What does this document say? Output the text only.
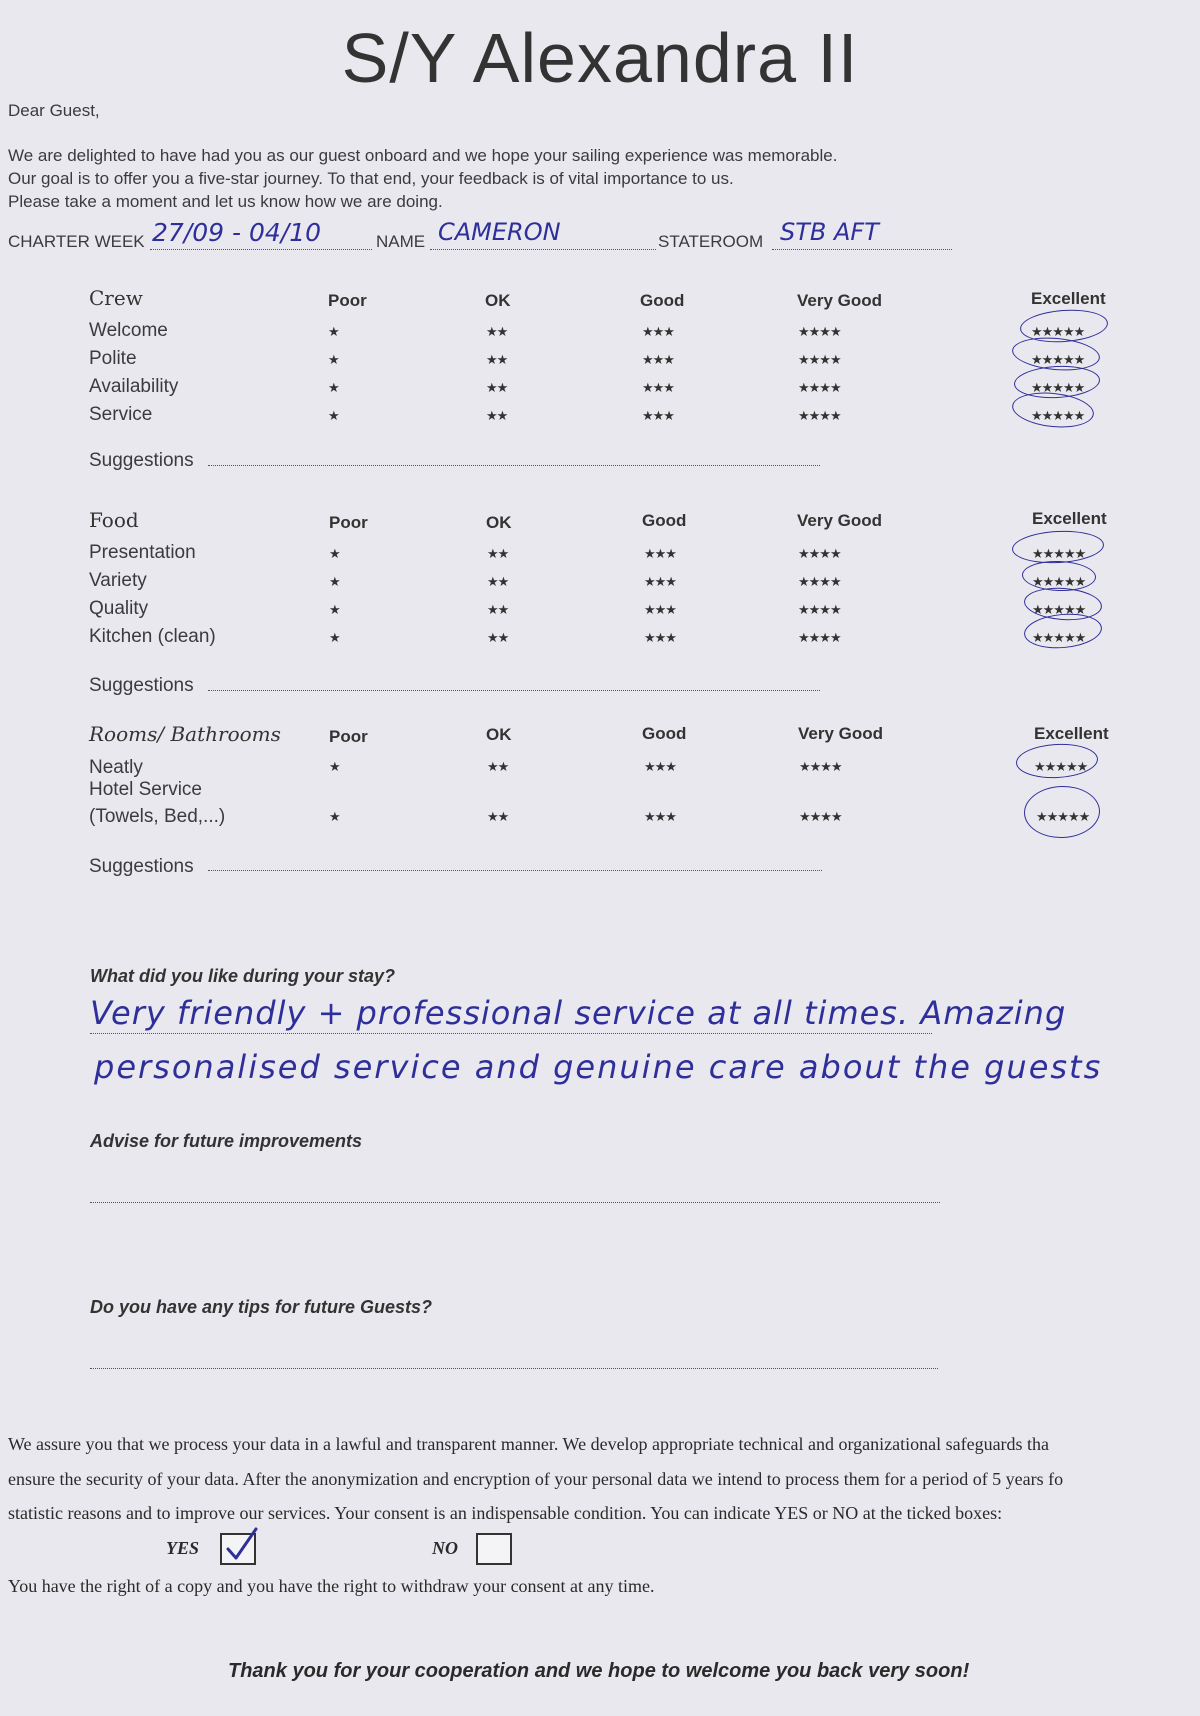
S/Y Alexandra II
Dear Guest,
We are delighted to have had you as our guest onboard and we hope your sailing experience was memorable.
Our goal is to offer you a five-star journey. To that end, your feedback is of vital importance to us.
Please take a moment and let us know how we are doing.
CHARTER WEEK 27/09 - 04/10	NAME CAMERON	STATEROOM STB AFT
Crew	Poor	OK	Good	Very Good	Excellent
Welcome	★	★★	★★★	★★★★	★★★★★
Polite	★	★★	★★★	★★★★	★★★★★
Availability	★	★★	★★★	★★★★	★★★★★
Service	★	★★	★★★	★★★★	★★★★★
Suggestions
Food	Poor	OK	Good	Very Good	Excellent
Presentation	★	★★	★★★	★★★★	★★★★★
Variety	★	★★	★★★	★★★★	★★★★★
Quality	★	★★	★★★	★★★★	★★★★★
Kitchen (clean)	★	★★	★★★	★★★★	★★★★★
Suggestions
Rooms/ Bathrooms	Poor	OK	Good	Very Good	Excellent
Neatly	★	★★	★★★	★★★★	★★★★★
Hotel Service
(Towels, Bed,...)	★	★★	★★★	★★★★	★★★★★
Suggestions
What did you like during your stay?
Very friendly + professional service at all times. Amazing
personalised service and genuine care about the guests
Advise for future improvements
Do you have any tips for future Guests?
We assure you that we process your data in a lawful and transparent manner. We develop appropriate technical and organizational safeguards tha
ensure the security of your data. After the anonymization and encryption of your personal data we intend to process them for a period of 5 years fo
statistic reasons and to improve our services. Your consent is an indispensable condition. You can indicate YES or NO at the ticked boxes:
YES	NO
You have the right of a copy and you have the right to withdraw your consent at any time.
Thank you for your cooperation and we hope to welcome you back very soon!
